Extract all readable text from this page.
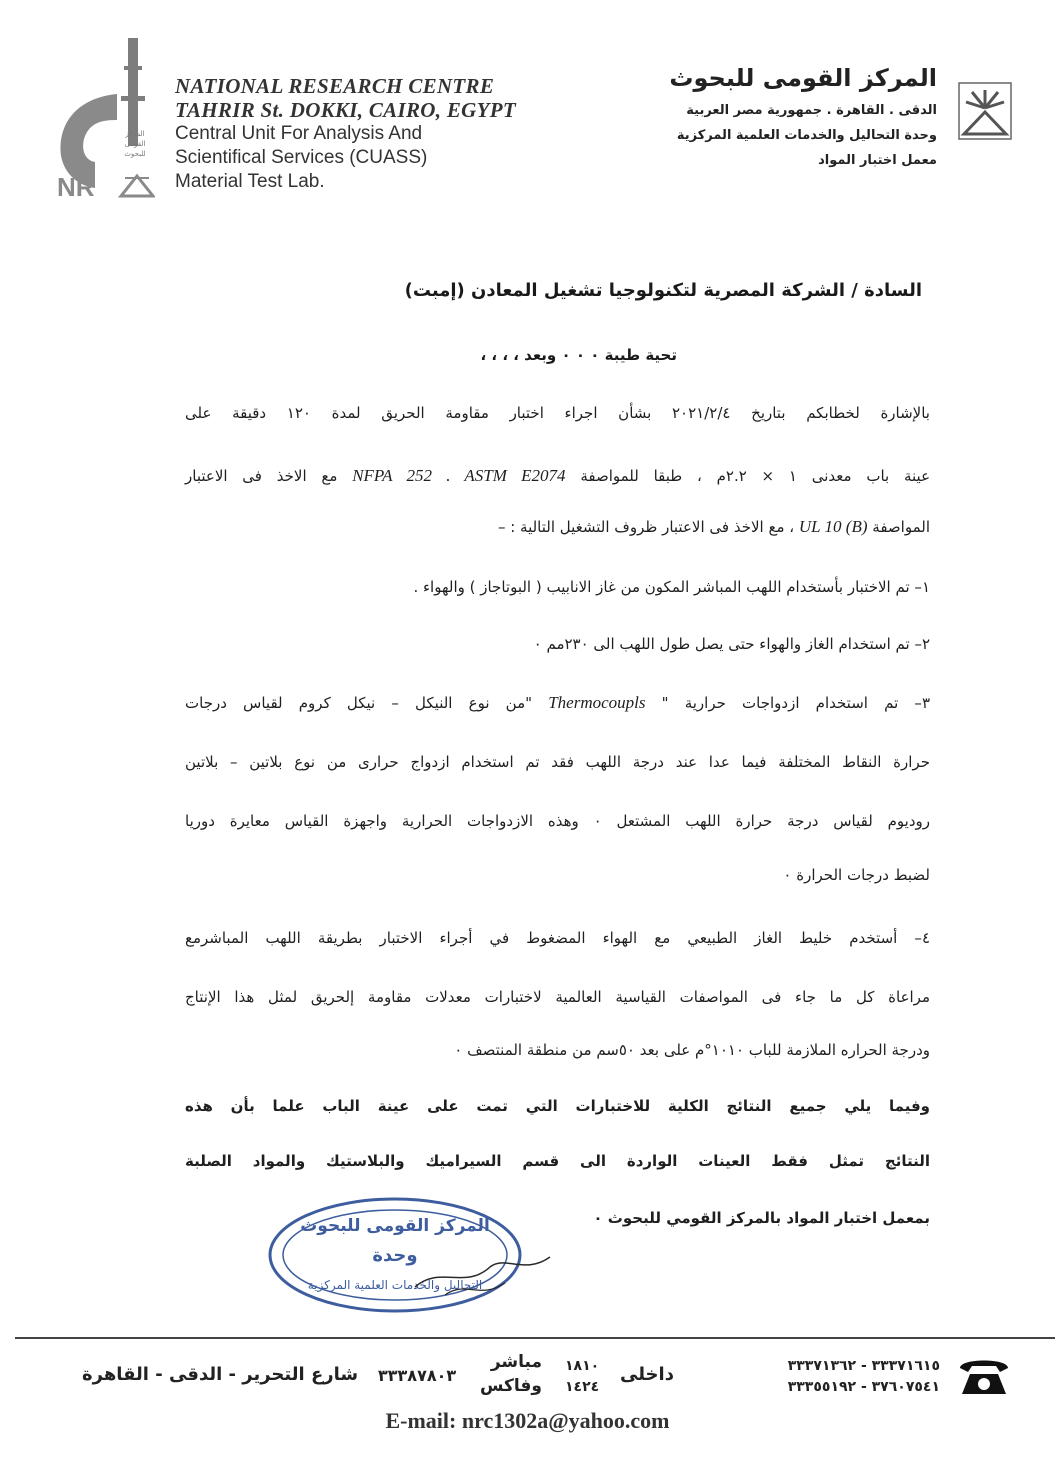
المركز
القومى
للبحوث
NR
NATIONAL RESEARCH CENTRE
TAHRIR St. DOKKI, CAIRO, EGYPT
Central Unit For Analysis And
Scientifical Services (CUASS)
Material Test Lab.
المركز القومى للبحوث
الدقى . القاهرة . جمهورية مصر العربية
وحدة التحاليل والخدمات العلمية المركزية
معمل اختبار المواد
السادة / الشركة المصرية لتكنولوجيا تشغيل المعادن (إمبت)
تحية طيبة ٠ ٠ ٠ وبعد ، ، ، ،
بالإشارة لخطابكم بتاريخ ٢٠٢١/٢/٤ بشأن اجراء اختبار مقاومة الحريق لمدة ١٢٠ دقيقة على
عينة باب معدنى ١ × ٢.٢م ، طبقا للمواصفة NFPA 252 . ASTM E2074 مع الاخذ فى الاعتبار
المواصفة UL 10 (B) ، مع الاخذ فى الاعتبار ظروف التشغيل التالية : –
١– تم الاختبار بأستخدام اللهب المباشر المكون من غاز الانابيب ( البوتاجاز ) والهواء .
٢– تم استخدام الغاز والهواء حتى يصل طول اللهب الى ٢٣٠مم ٠
٣– تم استخدام ازدواجات حرارية " Thermocoupls "من نوع النيكل – نيكل كروم لقياس درجات
حرارة النقاط المختلفة فيما عدا عند درجة اللهب فقد تم استخدام ازدواج حرارى من نوع بلاتين – بلاتين
روديوم لقياس درجة حرارة اللهب المشتعل ٠ وهذه الازدواجات الحرارية واجهزة القياس معايرة دوريا
لضبط درجات الحرارة ٠
٤– أستخدم خليط الغاز الطبيعي مع الهواء المضغوط في أجراء الاختبار بطريقة اللهب المباشرمع
مراعاة كل ما جاء فى المواصفات القياسية العالمية لاختبارات معدلات مقاومة إلحريق لمثل هذا الإنتاج
ودرجة الحراره الملازمة للباب ١٠١٠°م على بعد ٥٠سم من منطقة المنتصف ٠
وفيما يلي جميع النتائج الكلية للاختبارات التي تمت على عينة الباب علما بأن هذه
النتائج تمثل فقط العينات الواردة الى قسم السيراميك والبلاستيك والمواد الصلبة
بمعمل اختبار المواد بالمركز القومي للبحوث ٠
المركز القومى للبحوث
وحدة
التحاليل والخدمات العلمية المركزية
٣٣٣٧١٦١٥ - ٣٣٣٧١٣٦٢
٣٧٦٠٧٥٤١ - ٣٣٣٥٥١٩٢
داخلى
١٨١٠
١٤٢٤
مباشر
وفاكس
٣٣٣٨٧٨٠٣
شارع التحرير - الدقى - القاهرة
E-mail: nrc1302a@yahoo.com
